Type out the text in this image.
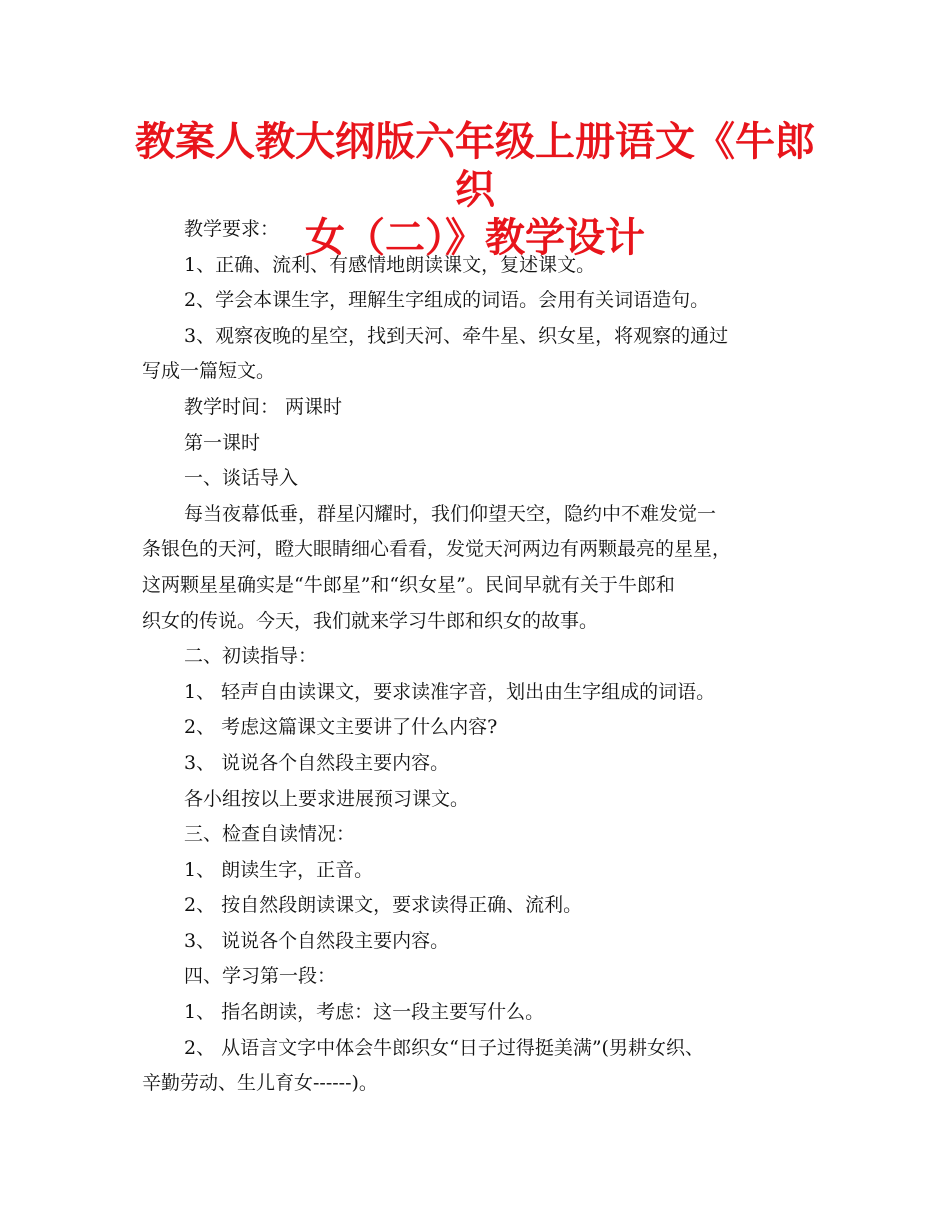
教案人教大纲版六年级上册语文《牛郎织
女（二）》教学设计

教学要求：

1、正确、流利、有感情地朗读课文，复述课文。

2、学会本课生字，理解生字组成的词语。会用有关词语造句。

3、观察夜晚的星空，找到天河、牵牛星、织女星，将观察的通过

写成一篇短文。

教学时间： 两课时

第一课时

一、谈话导入

每当夜幕低垂，群星闪耀时，我们仰望天空，隐约中不难发觉一

条银色的天河，瞪大眼睛细心看看，发觉天河两边有两颗最亮的星星，

这两颗星星确实是“牛郎星”和“织女星”。民间早就有关于牛郎和

织女的传说。今天，我们就来学习牛郎和织女的故事。

二、初读指导：

1、 轻声自由读课文，要求读准字音，划出由生字组成的词语。

2、 考虑这篇课文主要讲了什么内容?

3、 说说各个自然段主要内容。

各小组按以上要求进展预习课文。

三、检查自读情况：

1、 朗读生字，正音。

2、 按自然段朗读课文，要求读得正确、流利。

3、 说说各个自然段主要内容。

四、学习第一段：

1、 指名朗读，考虑：这一段主要写什么。

2、 从语言文字中体会牛郎织女“日子过得挺美满”(男耕女织、

辛勤劳动、生儿育女------)。
